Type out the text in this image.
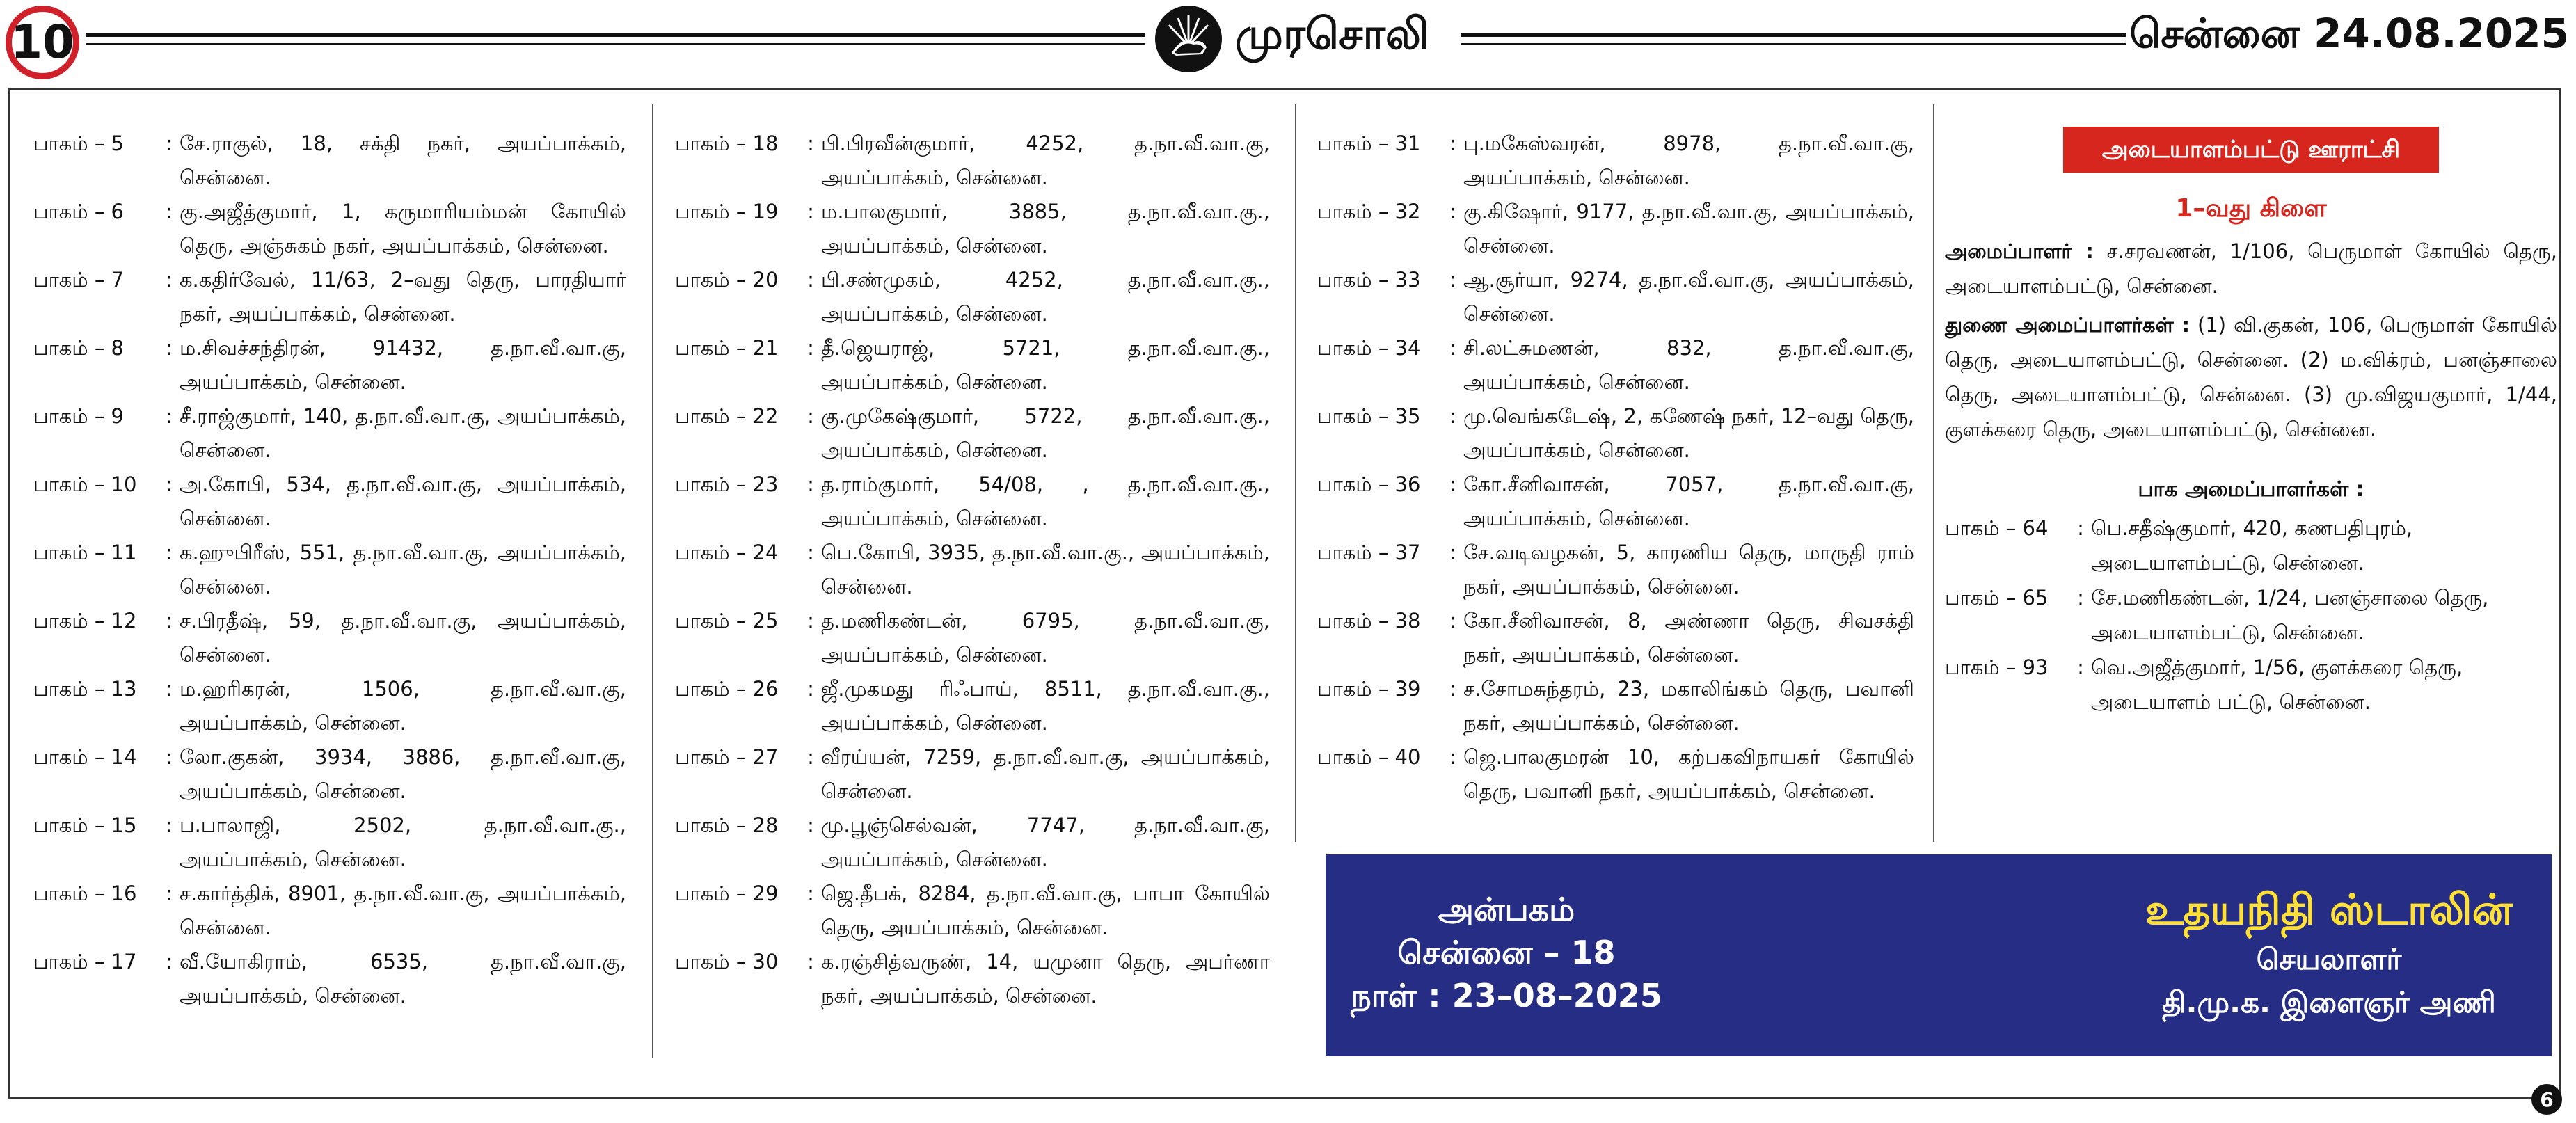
10	முரசொலி	சென்னை 24.08.2025
பாகம் – 5	: சே.ராகுல், 18, சக்தி நகர், அயப்பாக்கம், சென்னை.
பாகம் – 6	: கு.அஜீத்குமார், 1, கருமாரியம்மன் கோயில் தெரு, அஞ்சுகம் நகர், அயப்பாக்கம், சென்னை.
பாகம் – 7	: க.கதிர்வேல், 11/63, 2–வது தெரு, பாரதியார் நகர், அயப்பாக்கம், சென்னை.
பாகம் – 8	: ம.சிவச்சந்திரன், 91432, த.நா.வீ.வா.கு, அயப்பாக்கம், சென்னை.
பாகம் – 9	: சீ.ராஜ்குமார், 140, த.நா.வீ.வா.கு, அயப்பாக்கம், சென்னை.
பாகம் – 10	: அ.கோபி, 534, த.நா.வீ.வா.கு, அயப்பாக்கம், சென்னை.
பாகம் – 11	: க.ஹுபிரீஸ், 551, த.நா.வீ.வா.கு, அயப்பாக்கம், சென்னை.
பாகம் – 12	: ச.பிரதீஷ், 59, த.நா.வீ.வா.கு, அயப்பாக்கம், சென்னை.
பாகம் – 13	: ம.ஹரிகரன், 1506, த.நா.வீ.வா.கு, அயப்பாக்கம், சென்னை.
பாகம் – 14	: லோ.குகன், 3934, 3886, த.நா.வீ.வா.கு, அயப்பாக்கம், சென்னை.
பாகம் – 15	: ப.பாலாஜி, 2502, த.நா.வீ.வா.கு., அயப்பாக்கம், சென்னை.
பாகம் – 16	: ச.கார்த்திக், 8901, த.நா.வீ.வா.கு, அயப்பாக்கம், சென்னை.
பாகம் – 17	: வீ.யோகிராம், 6535, த.நா.வீ.வா.கு, அயப்பாக்கம், சென்னை.
பாகம் – 18	: பி.பிரவீன்குமார், 4252, த.நா.வீ.வா.கு, அயப்பாக்கம், சென்னை.
பாகம் – 19	: ம.பாலகுமார், 3885, த.நா.வீ.வா.கு., அயப்பாக்கம், சென்னை.
பாகம் – 20	: பி.சண்முகம், 4252, த.நா.வீ.வா.கு., அயப்பாக்கம், சென்னை.
பாகம் – 21	: தீ.ஜெயராஜ், 5721, த.நா.வீ.வா.கு., அயப்பாக்கம், சென்னை.
பாகம் – 22	: கு.முகேஷ்குமார், 5722, த.நா.வீ.வா.கு., அயப்பாக்கம், சென்னை.
பாகம் – 23	: த.ராம்குமார், 54/08, , த.நா.வீ.வா.கு., அயப்பாக்கம், சென்னை.
பாகம் – 24	: பெ.கோபி, 3935, த.நா.வீ.வா.கு., அயப்பாக்கம், சென்னை.
பாகம் – 25	: த.மணிகண்டன், 6795, த.நா.வீ.வா.கு, அயப்பாக்கம், சென்னை.
பாகம் – 26	: ஜீ.முகமது ரிஃபாய், 8511, த.நா.வீ.வா.கு., அயப்பாக்கம், சென்னை.
பாகம் – 27	: வீரய்யன், 7259, த.நா.வீ.வா.கு, அயப்பாக்கம், சென்னை.
பாகம் – 28	: மு.பூஞ்செல்வன், 7747, த.நா.வீ.வா.கு, அயப்பாக்கம், சென்னை.
பாகம் – 29	: ஜெ.தீபக், 8284, த.நா.வீ.வா.கு, பாபா கோயில் தெரு, அயப்பாக்கம், சென்னை.
பாகம் – 30	: க.ரஞ்சித்வருண், 14, யமுனா தெரு, அபர்ணா நகர், அயப்பாக்கம், சென்னை.
பாகம் – 31	: பு.மகேஸ்வரன், 8978, த.நா.வீ.வா.கு, அயப்பாக்கம், சென்னை.
பாகம் – 32	: கு.கிஷோர், 9177, த.நா.வீ.வா.கு, அயப்பாக்கம், சென்னை.
பாகம் – 33	: ஆ.சூர்யா, 9274, த.நா.வீ.வா.கு, அயப்பாக்கம், சென்னை.
பாகம் – 34	: சி.லட்சுமணன், 832, த.நா.வீ.வா.கு, அயப்பாக்கம், சென்னை.
பாகம் – 35	: மு.வெங்கடேஷ், 2, கணேஷ் நகர், 12–வது தெரு, அயப்பாக்கம், சென்னை.
பாகம் – 36	: கோ.சீனிவாசன், 7057, த.நா.வீ.வா.கு, அயப்பாக்கம், சென்னை.
பாகம் – 37	: சே.வடிவழகன், 5, காரணிய தெரு, மாருதி ராம் நகர், அயப்பாக்கம், சென்னை.
பாகம் – 38	: கோ.சீனிவாசன், 8, அண்ணா தெரு, சிவசக்தி நகர், அயப்பாக்கம், சென்னை.
பாகம் – 39	: ச.சோமசுந்தரம், 23, மகாலிங்கம் தெரு, பவானி நகர், அயப்பாக்கம், சென்னை.
பாகம் – 40	: ஜெ.பாலகுமரன் 10, கற்பகவிநாயகர் கோயில் தெரு, பவானி நகர், அயப்பாக்கம், சென்னை.
அடையாளம்பட்டு ஊராட்சி
1–வது கிளை
அமைப்பாளர் : ச.சரவணன், 1/106, பெருமாள் கோயில் தெரு, அடையாளம்பட்டு, சென்னை.
துணை அமைப்பாளர்கள் : (1) வி.குகன், 106, பெருமாள் கோயில் தெரு, அடையாளம்பட்டு, சென்னை. (2) ம.விக்ரம், பனஞ்சாலை தெரு, அடையாளம்பட்டு, சென்னை. (3) மு.விஜயகுமார், 1/44, குளக்கரை தெரு, அடையாளம்பட்டு, சென்னை.
பாக அமைப்பாளர்கள் :
பாகம் – 64	: பெ.சதீஷ்குமார், 420, கணபதிபுரம், அடையாளம்பட்டு, சென்னை.
பாகம் – 65	: சே.மணிகண்டன், 1/24, பனஞ்சாலை தெரு, அடையாளம்பட்டு, சென்னை.
பாகம் – 93	: வெ.அஜீத்குமார், 1/56, குளக்கரை தெரு, அடையாளம் பட்டு, சென்னை.
அன்பகம்
சென்னை – 18
நாள் : 23–08–2025
உதயநிதி ஸ்டாலின்
செயலாளர்
தி.மு.க. இளைஞர் அணி
6
